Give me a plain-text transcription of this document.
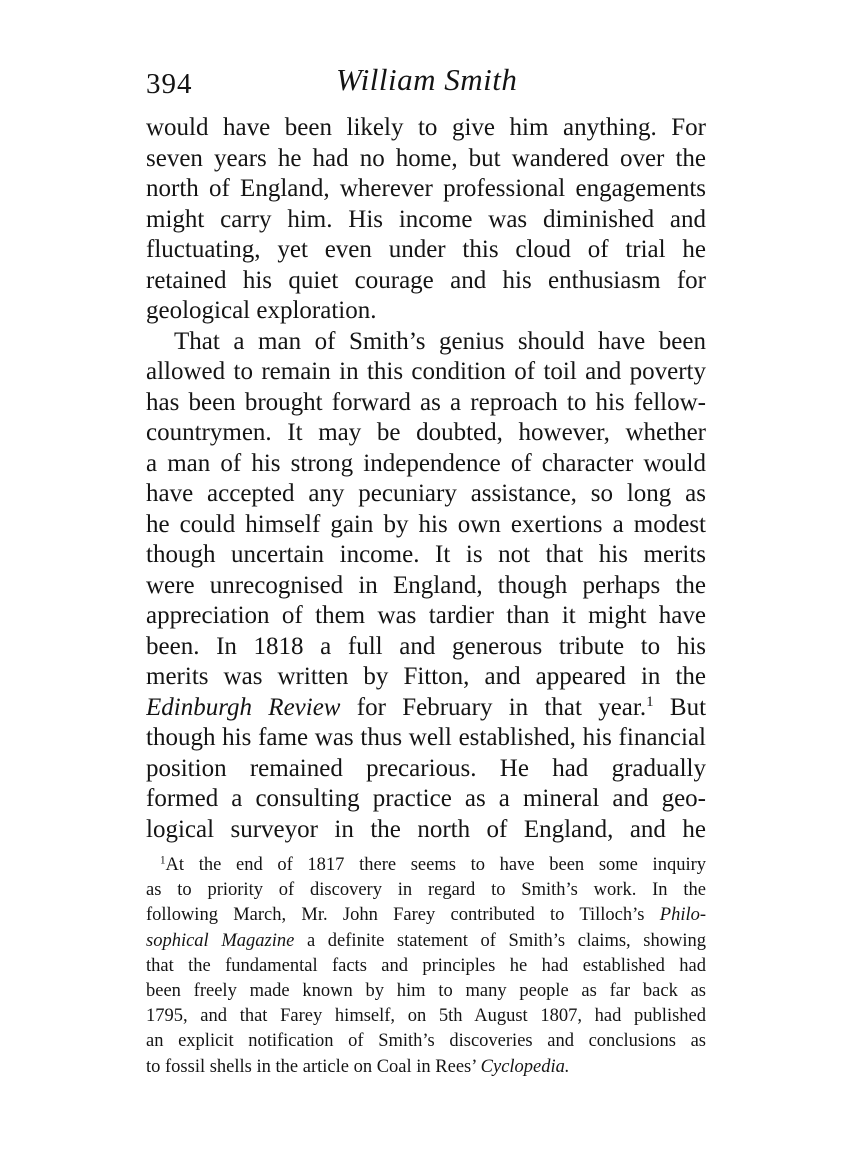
394	William Smith
would have been likely to give him anything. For
seven years he had no home, but wandered over the
north of England, wherever professional engagements
might carry him. His income was diminished and
fluctuating, yet even under this cloud of trial he
retained his quiet courage and his enthusiasm for
geological exploration.
That a man of Smith’s genius should have been
allowed to remain in this condition of toil and poverty
has been brought forward as a reproach to his fellow-
countrymen. It may be doubted, however, whether
a man of his strong independence of character would
have accepted any pecuniary assistance, so long as
he could himself gain by his own exertions a modest
though uncertain income. It is not that his merits
were unrecognised in England, though perhaps the
appreciation of them was tardier than it might have
been. In 1818 a full and generous tribute to his
merits was written by Fitton, and appeared in the
Edinburgh Review for February in that year.$^1$ But
though his fame was thus well established, his financial
position remained precarious. He had gradually
formed a consulting practice as a mineral and geo-
logical surveyor in the north of England, and he
$^1$At the end of 1817 there seems to have been some inquiry
as to priority of discovery in regard to Smith’s work. In the
following March, Mr. John Farey contributed to Tilloch’s Philo-
sophical Magazine a definite statement of Smith’s claims, showing
that the fundamental facts and principles he had established had
been freely made known by him to many people as far back as
1795, and that Farey himself, on 5th August 1807, had published
an explicit notification of Smith’s discoveries and conclusions as
to fossil shells in the article on Coal in Rees’ Cyclopedia.
